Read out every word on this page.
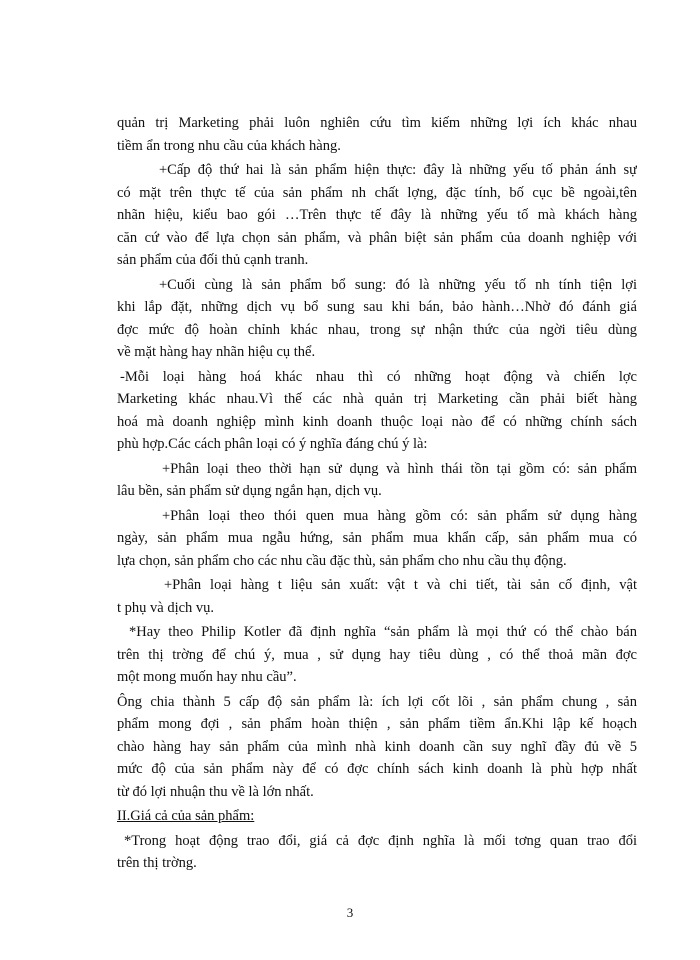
quản trị Marketing phải luôn nghiên cứu tìm kiếm những lợi ích khác nhau
tiềm ẩn trong nhu cầu của khách hàng.
+Cấp độ thứ hai là sản phẩm hiện thực: đây là những yếu tố phản ánh sự
có mặt trên thực tế của sản phẩm nh chất lợng, đặc tính, bố cục bề ngoài,tên
nhãn hiệu, kiểu bao gói …Trên thực tế đây là những yếu tố mà khách hàng
căn cứ vào để lựa chọn sản phẩm, và phân biệt sản phẩm của doanh nghiệp với
sản phẩm của đối thủ cạnh tranh.
+Cuối cùng là sản phẩm bổ sung: đó là những yếu tố nh tính tiện lợi
khi lắp đặt, những dịch vụ bổ sung sau khi bán, bảo hành…Nhờ đó đánh giá
đợc mức độ hoàn chỉnh khác nhau, trong sự nhận thức của ngời tiêu dùng
về mặt hàng hay nhãn hiệu cụ thể.
-Mỗi loại hàng hoá khác nhau thì có những hoạt động và chiến lợc
Marketing khác nhau.Vì thế các nhà quản trị Marketing cần phải biết hàng
hoá mà doanh nghiệp mình kinh doanh thuộc loại nào để có những chính sách
phù hợp.Các cách phân loại có ý nghĩa đáng chú ý là:
+Phân loại theo thời hạn sử dụng và hình thái tồn tại gồm có: sản phẩm
lâu bền, sản phẩm sử dụng ngắn hạn, dịch vụ.
+Phân loại theo thói quen mua hàng gồm có: sản phẩm sử dụng hàng
ngày, sản phẩm mua ngẫu hứng, sản phẩm mua khẩn cấp, sản phẩm mua có
lựa chọn, sản phẩm cho các nhu cầu đặc thù, sản phẩm cho nhu cầu thụ động.
+Phân loại hàng t liệu sản xuất: vật t và chi tiết, tài sản cố định, vật
t phụ và dịch vụ.
*Hay theo Philip Kotler đã định nghĩa “sản phẩm là mọi thứ có thể chào bán
trên thị trờng để chú ý, mua , sử dụng hay tiêu dùng , có thể thoả mãn đợc
một mong muốn hay nhu cầu”.
Ông chia thành 5 cấp độ sản phẩm là: ích lợi cốt lõi , sản phẩm chung , sản
phẩm mong đợi , sản phẩm hoàn thiện , sản phẩm tiềm ẩn.Khi lập kế hoạch
chào hàng hay sản phẩm của mình nhà kinh doanh cần suy nghĩ đầy đủ về 5
mức độ của sản phẩm này để có đợc chính sách kinh doanh là phù hợp nhất
từ đó lợi nhuận thu về là lớn nhất.
II.Giá cả của sản phẩm:
*Trong hoạt động trao đổi, giá cả đợc định nghĩa là mối tơng quan trao đổi
trên thị trờng.
3
